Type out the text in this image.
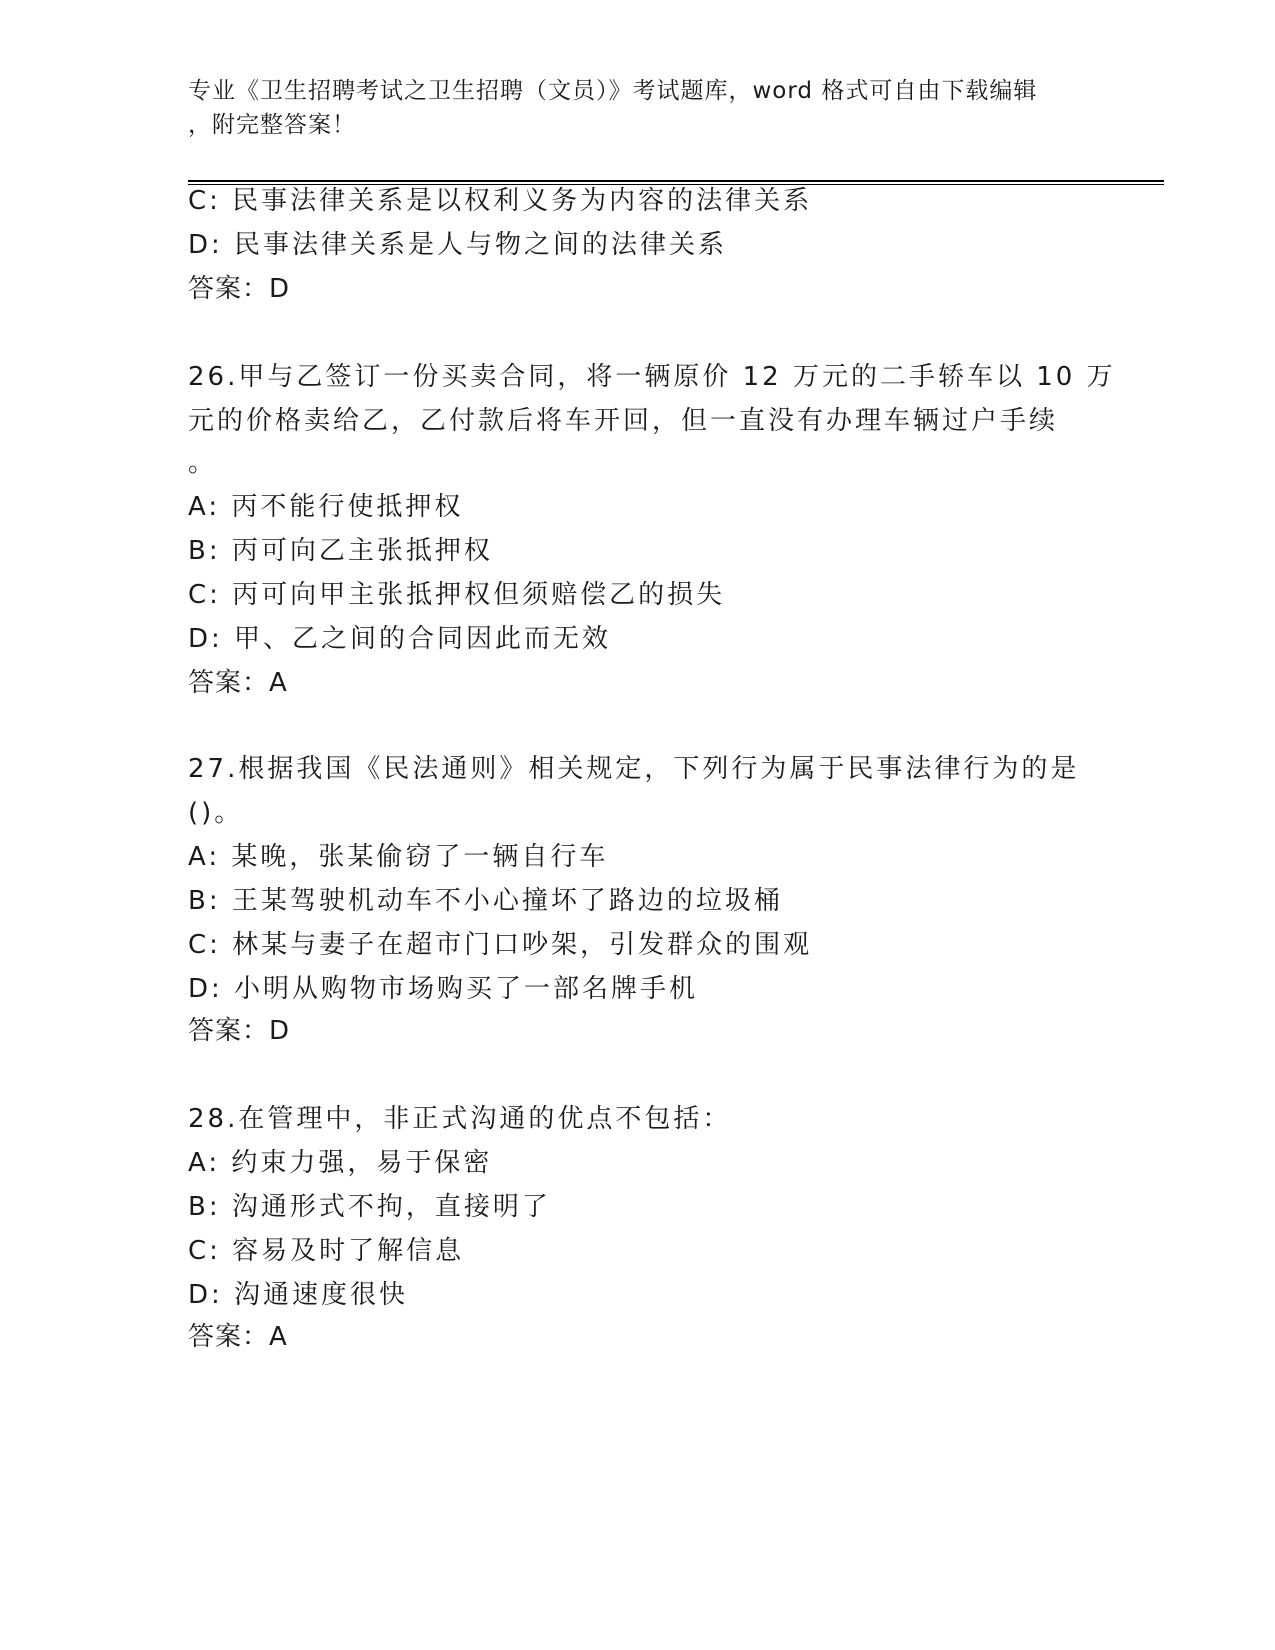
专业《卫生招聘考试之卫生招聘（文员）》考试题库，word 格式可自由下载编辑
，附完整答案！
C: 民事法律关系是以权利义务为内容的法律关系
D: 民事法律关系是人与物之间的法律关系
答案：D
26.甲与乙签订一份买卖合同，将一辆原价 12 万元的二手轿车以 10 万
元的价格卖给乙，乙付款后将车开回，但一直没有办理车辆过户手续
。
A: 丙不能行使抵押权
B: 丙可向乙主张抵押权
C: 丙可向甲主张抵押权但须赔偿乙的损失
D: 甲、乙之间的合同因此而无效
答案：A
27.根据我国《民法通则》相关规定，下列行为属于民事法律行为的是
()。
A: 某晚，张某偷窃了一辆自行车
B: 王某驾驶机动车不小心撞坏了路边的垃圾桶
C: 林某与妻子在超市门口吵架，引发群众的围观
D: 小明从购物市场购买了一部名牌手机
答案：D
28.在管理中，非正式沟通的优点不包括：
A: 约束力强，易于保密
B: 沟通形式不拘，直接明了
C: 容易及时了解信息
D: 沟通速度很快
答案：A
